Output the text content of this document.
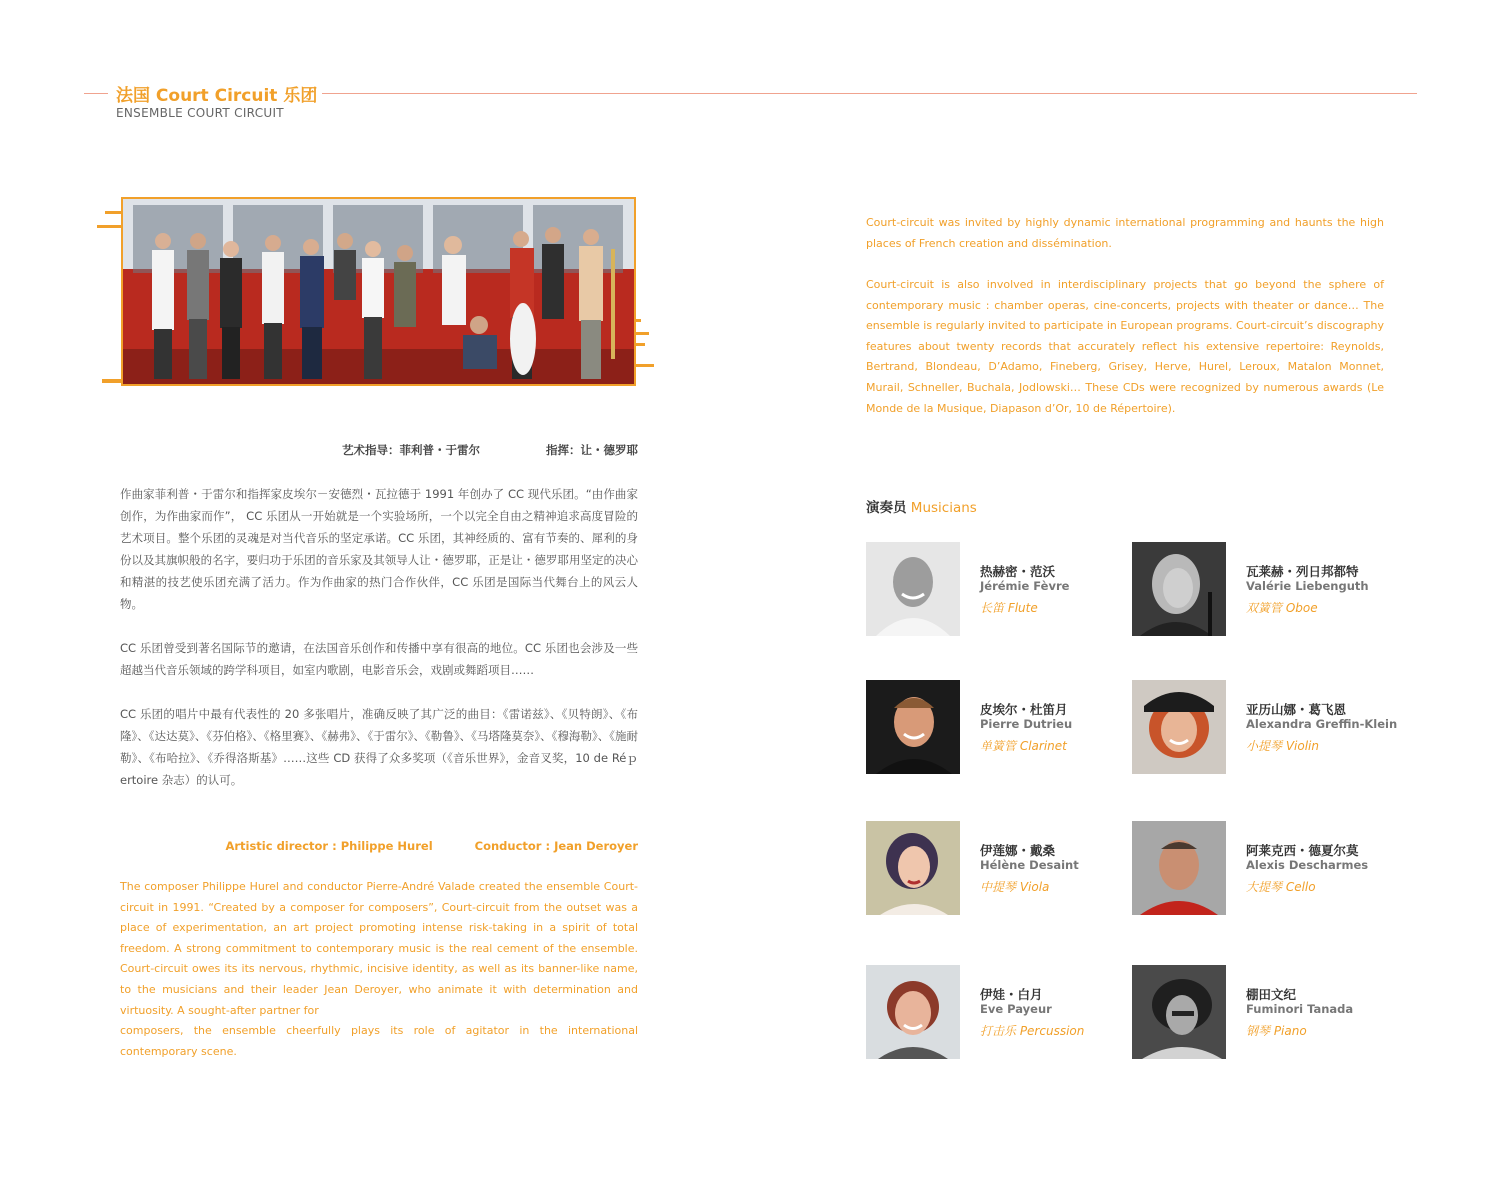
法国 Court Circuit 乐团
ENSEMBLE COURT CIRCUIT
艺术指导：菲利普・于雷尔	指挥：让・德罗耶
作曲家菲利普・于雷尔和指挥家皮埃尔－安德烈・瓦拉德于 1991 年创办了 CC 现代乐团。“由作曲家创作，为作曲家而作”， CC 乐团从一开始就是一个实验场所，一个以完全自由之精神追求高度冒险的艺术项目。整个乐团的灵魂是对当代音乐的坚定承诺。CC 乐团，其神经质的、富有节奏的、犀利的身份以及其旗帜般的名字，要归功于乐团的音乐家及其领导人让・德罗耶，正是让・德罗耶用坚定的决心和精湛的技艺使乐团充满了活力。作为作曲家的热门合作伙伴，CC 乐团是国际当代舞台上的风云人物。
CC 乐团曾受到著名国际节的邀请，在法国音乐创作和传播中享有很高的地位。CC 乐团也会涉及一些超越当代音乐领域的跨学科项目，如室内歌剧，电影音乐会，戏剧或舞蹈项目……
CC 乐团的唱片中最有代表性的 20 多张唱片，准确反映了其广泛的曲目：《雷诺兹》、《贝特朗》、《布隆》、《达达莫》、《芬伯格》、《格里赛》、《赫弗》、《于雷尔》、《勒鲁》、《马塔隆莫奈》、《穆海勒》、《施耐勒》、《布哈拉》、《乔得洛斯基》……这些 CD 获得了众多奖项（《音乐世界》，金音叉奖，10 de Réｐertoire 杂志）的认可。
Artistic director : Philippe Hurel	Conductor : Jean Deroyer
The composer Philippe Hurel and conductor Pierre-André Valade created the ensemble Court-circuit in 1991. “Created by a composer for composers”, Court-circuit from the outset was a place of experimentation, an art project promoting intense risk-taking in a spirit of total freedom. A strong commitment to contemporary music is the real cement of the ensemble. Court-circuit owes its its nervous, rhythmic, incisive identity, as well as its banner-like name, to the musicians and their leader Jean Deroyer, who animate it with determination and virtuosity. A sought-after partner for
composers, the ensemble cheerfully plays its role of agitator in the international contemporary scene.
Court-circuit was invited by highly dynamic international programming and haunts the high places of French creation and dissémination.
Court-circuit is also involved in interdisciplinary projects that go beyond the sphere of contemporary music : chamber operas, cine-concerts, projects with theater or dance… The ensemble is regularly invited to participate in European programs. Court-circuit’s discography features about twenty records that accurately reflect his extensive repertoire: Reynolds, Bertrand, Blondeau, D’Adamo, Fineberg, Grisey, Herve, Hurel, Leroux, Matalon Monnet, Murail, Schneller, Buchala, Jodlowski… These CDs were recognized by numerous awards (Le Monde de la Musique, Diapason d’Or, 10 de Répertoire).
演奏员 Musicians
热赫密・范沃
Jérémie Fèvre
长笛 Flute
瓦莱赫・列日邦都特
Valérie Liebenguth
双簧管 Oboe
皮埃尔・杜笛月
Pierre Dutrieu
单簧管 Clarinet
亚历山娜・葛飞恩
Alexandra Greffin-Klein
小提琴 Violin
伊莲娜・戴桑
Hélène Desaint
中提琴 Viola
阿莱克西・德夏尔莫
Alexis Descharmes
大提琴 Cello
伊娃・白月
Eve Payeur
打击乐 Percussion
棚田文纪
Fuminori Tanada
钢琴 Piano
